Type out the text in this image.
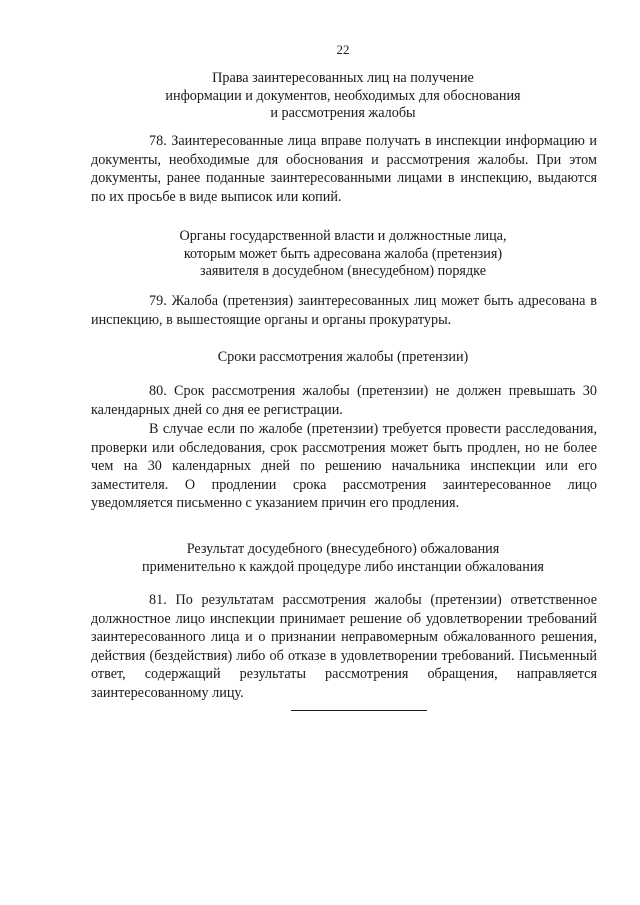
22
Права заинтересованных лиц на получение
информации и документов, необходимых для обоснования
и рассмотрения жалобы

78. Заинтересованные лица вправе получать в инспекции информацию и документы, необходимые для обоснования и рассмотрения жалобы. При этом документы, ранее поданные заинтересованными лицами в инспекцию, выдаются по их просьбе в виде выписок или копий.

Органы государственной власти и должностные лица,
которым может быть адресована жалоба (претензия)
заявителя в досудебном (внесудебном) порядке

79. Жалоба (претензия) заинтересованных лиц может быть адресована в инспекцию, в вышестоящие органы и органы прокуратуры.

Сроки рассмотрения жалобы (претензии)

80. Срок рассмотрения жалобы (претензии) не должен превышать 30 календарных дней со дня ее регистрации.

В случае если по жалобе (претензии) требуется провести расследования, проверки или обследования, срок рассмотрения может быть продлен, но не более чем на 30 календарных дней по решению начальника инспекции или его заместителя. О продлении срока рассмотрения заинтересованное лицо уведомляется письменно с указанием причин его продления.

Результат досудебного (внесудебного) обжалования
применительно к каждой процедуре либо инстанции обжалования

81. По результатам рассмотрения жалобы (претензии) ответственное должностное лицо инспекции принимает решение об удовлетворении требований заинтересованного лица и о признании неправомерным обжалованного решения, действия (бездействия) либо об отказе в удовлетворении требований. Письменный ответ, содержащий результаты рассмотрения обращения, направляется заинтересованному лицу.
